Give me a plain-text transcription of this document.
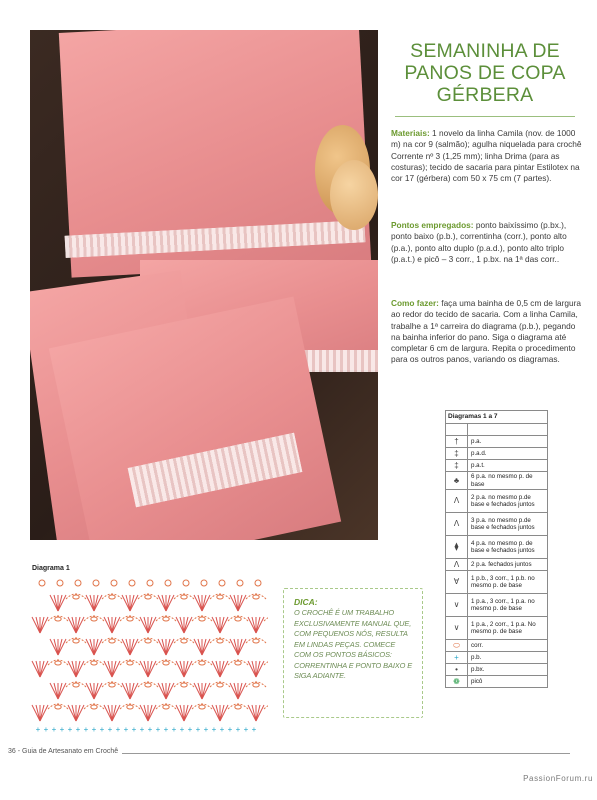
SEMANINHA DE
PANOS DE COPA
GÉRBERA
Materiais: 1 novelo da linha Camila (nov. de 1000 m) na cor 9 (salmão); agulha niquelada para crochê Corrente nº 3 (1,25 mm); linha Drima (para as costuras); tecido de sacaria para pintar Estilotex na cor 17 (gérbera) com 50 x 75 cm (7 partes).
Pontos empregados: ponto baixíssimo (p.bx.), ponto baixo (p.b.), correntinha (corr.), ponto alto (p.a.), ponto alto duplo (p.a.d.), ponto alto triplo (p.a.t.) e picô – 3 corr., 1 p.bx. na 1ª das corr..
Como fazer: faça uma bainha de 0,5 cm de largura ao redor do tecido de sacaria. Com a linha Camila, trabalhe a 1ª carreira do diagrama (p.b.), pegando na bainha inferior do pano. Siga o diagrama até completar 6 cm de largura. Repita o procedimento para os outros panos, variando os diagramas.
Diagramas 1 a 7	

†	p.a.
‡	p.a.d.
‡	p.a.t.
♣	6 p.a. no mesmo p. de base
Λ	2 p.a. no mesmo p.de base e fechados juntos
Λ	3 p.a. no mesmo p.de base e fechados juntos
⧫	4 p.a. no mesmo p. de base e fechados juntos
Λ	2 p.a. fechados juntos
∀	1 p.b., 3 corr., 1 p.b. no mesmo p. de base
∨	1 p.a., 3 corr., 1 p.a. no mesmo p. de base
∨	1 p.a., 2 corr., 1 p.a. No mesmo p. de base
⬭	corr.
+	p.b.
•	p.bx.
❁	picô
Diagrama 1
+ + + + + + + + + + + + + + + + + + + + + + + + + + + +
DICA:
O CROCHÊ É UM TRABALHO
EXCLUSIVAMENTE MANUAL QUE,
COM PEQUENOS NÓS, RESULTA
EM LINDAS PEÇAS. COMECE
COM OS PONTOS BÁSICOS:
CORRENTINHA E PONTO BAIXO E
SIGA ADIANTE.
36 - Guia de Artesanato em Crochê
PassionForum.ru
